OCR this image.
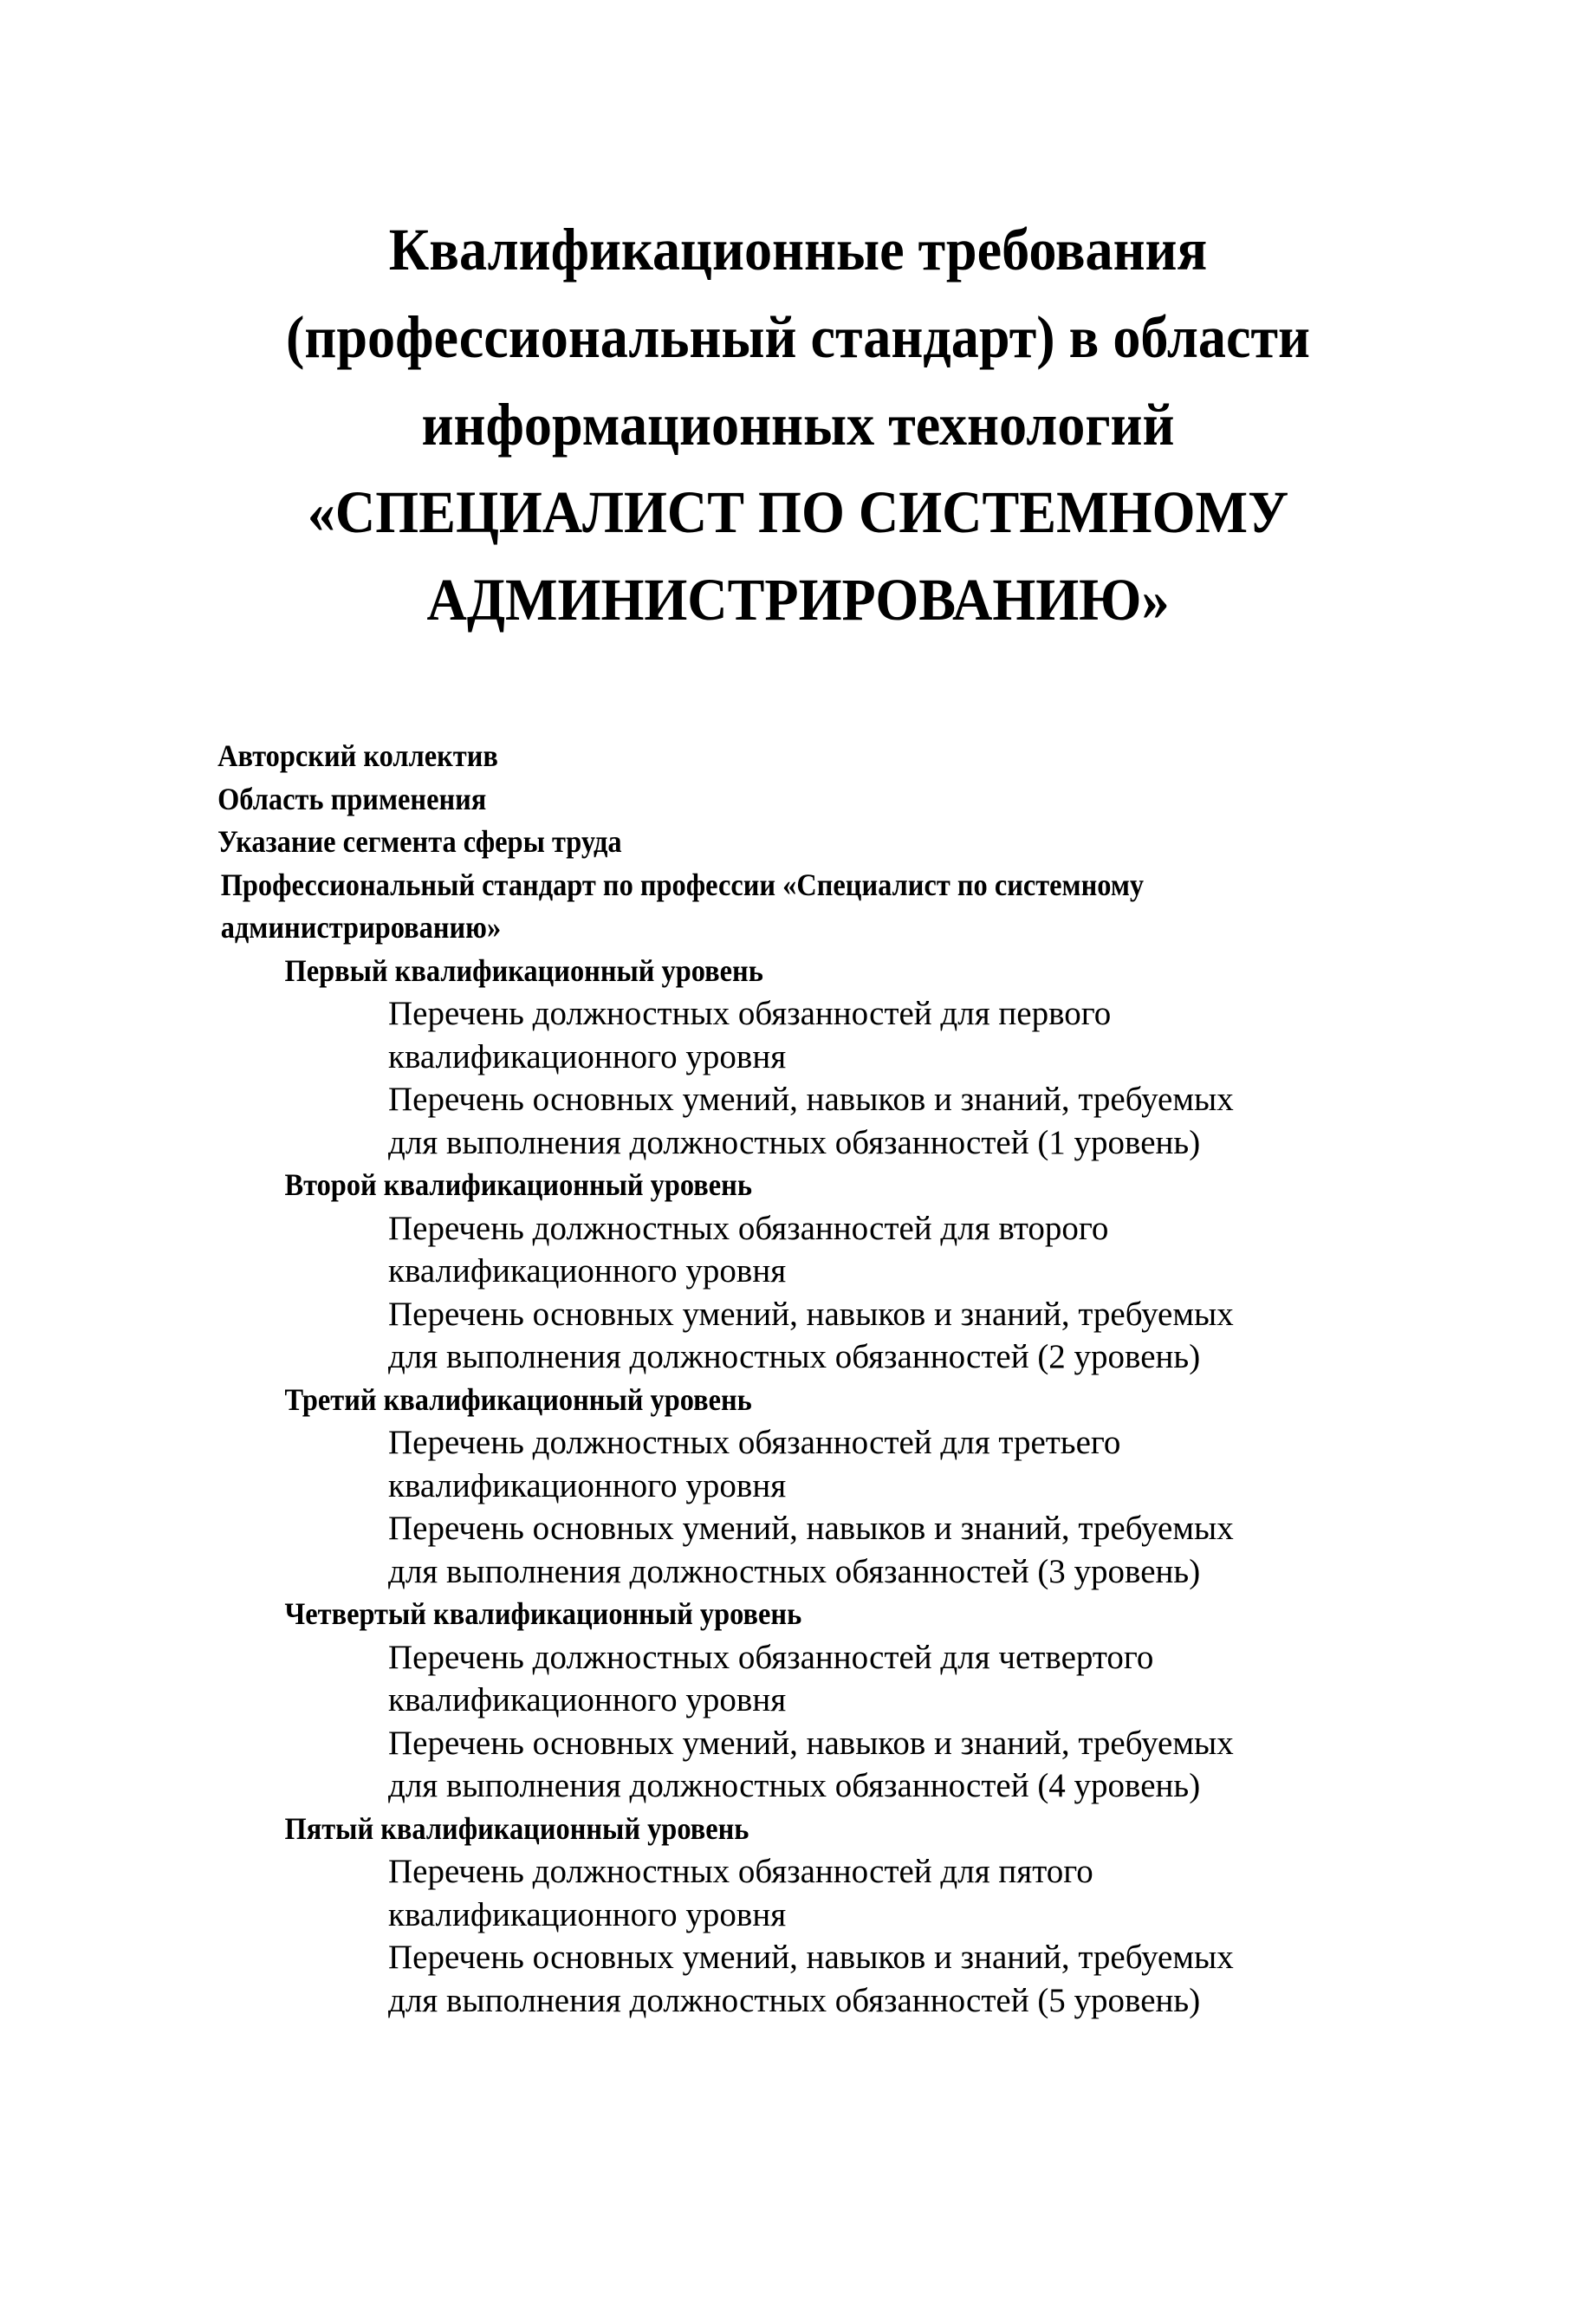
Квалификационные требования
(профессиональный стандарт) в области
информационных технологий
«СПЕЦИАЛИСТ ПО СИСТЕМНОМУ
АДМИНИСТРИРОВАНИЮ»
Авторский коллектив
Область применения
Указание сегмента сферы труда
Профессиональный стандарт по профессии «Специалист по системному
администрированию»
Первый квалификационный уровень
Перечень должностных обязанностей для первого
квалификационного уровня
Перечень основных умений, навыков и знаний, требуемых
для выполнения должностных обязанностей (1 уровень)
Второй квалификационный уровень
Перечень должностных обязанностей для второго
квалификационного уровня
Перечень основных умений, навыков и знаний, требуемых
для выполнения должностных обязанностей (2 уровень)
Третий квалификационный уровень
Перечень должностных обязанностей для третьего
квалификационного уровня
Перечень основных умений, навыков и знаний, требуемых
для выполнения должностных обязанностей (3 уровень)
Четвертый квалификационный уровень
Перечень должностных обязанностей для четвертого
квалификационного уровня
Перечень основных умений, навыков и знаний, требуемых
для выполнения должностных обязанностей (4 уровень)
Пятый квалификационный уровень
Перечень должностных обязанностей для пятого
квалификационного уровня
Перечень основных умений, навыков и знаний, требуемых
для выполнения должностных обязанностей (5 уровень)
